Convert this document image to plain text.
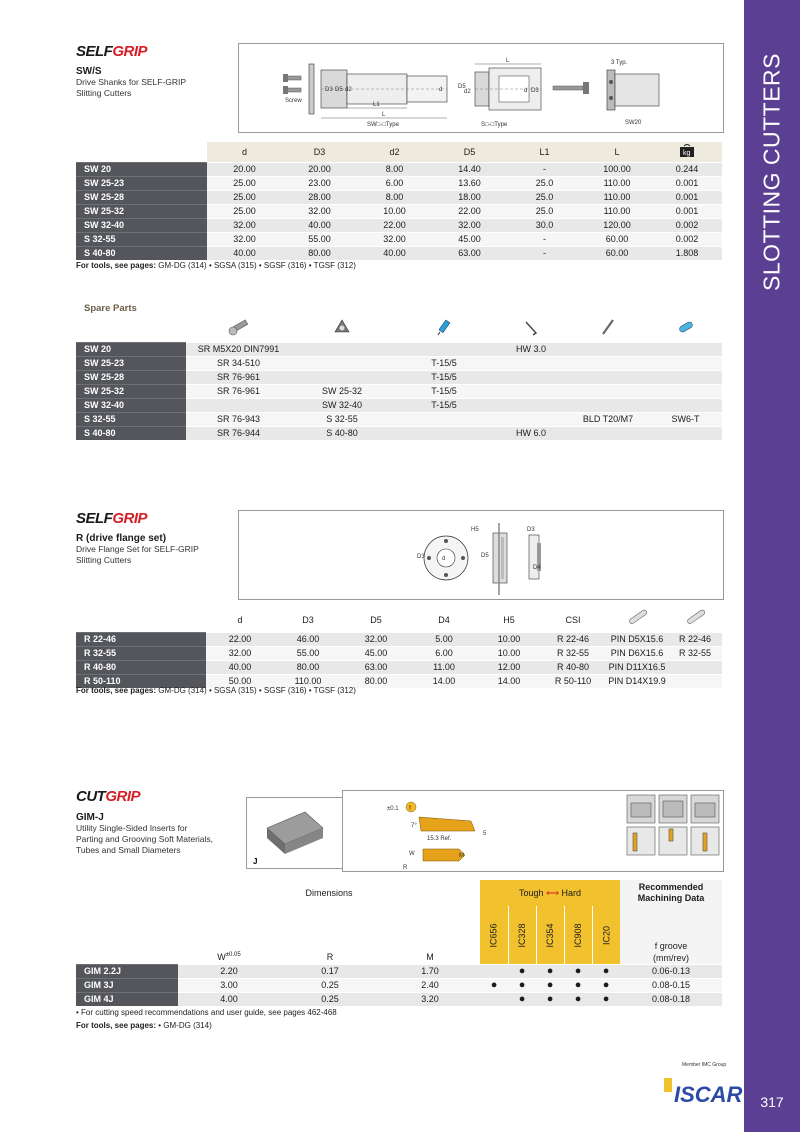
SLOTTING CUTTERS
317
SELFGRIP
SW/S
Drive Shanks for SELF-GRIP
Slitting Cutters
Screw
D3 D5 d2	d
L1
L
SW□-□Type
D5
d2	d D3
L
S□-□Type
3 Typ.
SW20
Designation	d	D3	d2	D5	L1	L	kg

SW 20	20.00	20.00	8.00	14.40	-	100.00	0.244
SW 25-23	25.00	23.00	6.00	13.60	25.0	110.00	0.001
SW 25-28	25.00	28.00	8.00	18.00	25.0	110.00	0.001
SW 25-32	25.00	32.00	10.00	22.00	25.0	110.00	0.001
SW 32-40	32.00	40.00	22.00	32.00	30.0	120.00	0.002
S 32-55	32.00	55.00	32.00	45.00	-	60.00	0.002
S 40-80	40.00	80.00	40.00	63.00	-	60.00	1.808
For tools, see pages: GM-DG (314) • SGSA (315) • SGSF (316) • TGSF (312)
Spare Parts
Designation						
SW 20	SR M5X20 DIN7991			HW 3.0		
SW 25-23	SR 34-510		T-15/5			
SW 25-28	SR 76-961		T-15/5			
SW 25-32	SR 76-961	SW 25-32	T-15/5			
SW 32-40		SW 32-40	T-15/5			
S 32-55	SR 76-943	S 32-55			BLD T20/M7	SW6-T
S 40-80	SR 76-944	S 40-80		HW 6.0		
SELFGRIP
R (drive flange set)
Drive Flange Set for SELF-GRIP
Slitting Cutters	D3	d	D5
H5	D3
D4
Designation	d	D3	D5	D4	H5	CSI		
R 22-46	22.00	46.00	32.00	5.00	10.00	R 22-46	PIN D5X15.6	R 22-46
R 32-55	32.00	55.00	45.00	6.00	10.00	R 32-55	PIN D6X15.6	R 32-55
R 40-80	40.00	80.00	63.00	11.00	12.00	R 40-80	PIN D11X16.5	
R 50-110	50.00	110.00	80.00	14.00	14.00	R 50-110	PIN D14X19.9	
For tools, see pages: GM-DG (314) • SGSA (315) • SGSF (316) • TGSF (312)
CUTGRIP
GIM-J
Utility Single-Sided Inserts for
Parting and Grooving Soft Materials,
Tubes and Small Diameters
J
±0.1 !
7°
15.3 Ref.
5
W	M
R
Designation	Dimensions			Tough ⟷ Hard					Recommended Machining Data
	$W^{\pm 0.05}$	R	M	IC656	IC328	IC354	IC908	IC20	f groove
(mm/rev)

GIM 2.2J	2.20	0.17	1.70		●	●	●	●	0.06-0.13
GIM 3J	3.00	0.25	2.40	●	●	●	●	●	0.08-0.15
GIM 4J	4.00	0.25	3.20		●	●	●	●	0.08-0.18
• For cutting speed recommendations and user guide, see pages 462-468
For tools, see pages: • GM-DG (314)
Member IMC Group
ISCAR
